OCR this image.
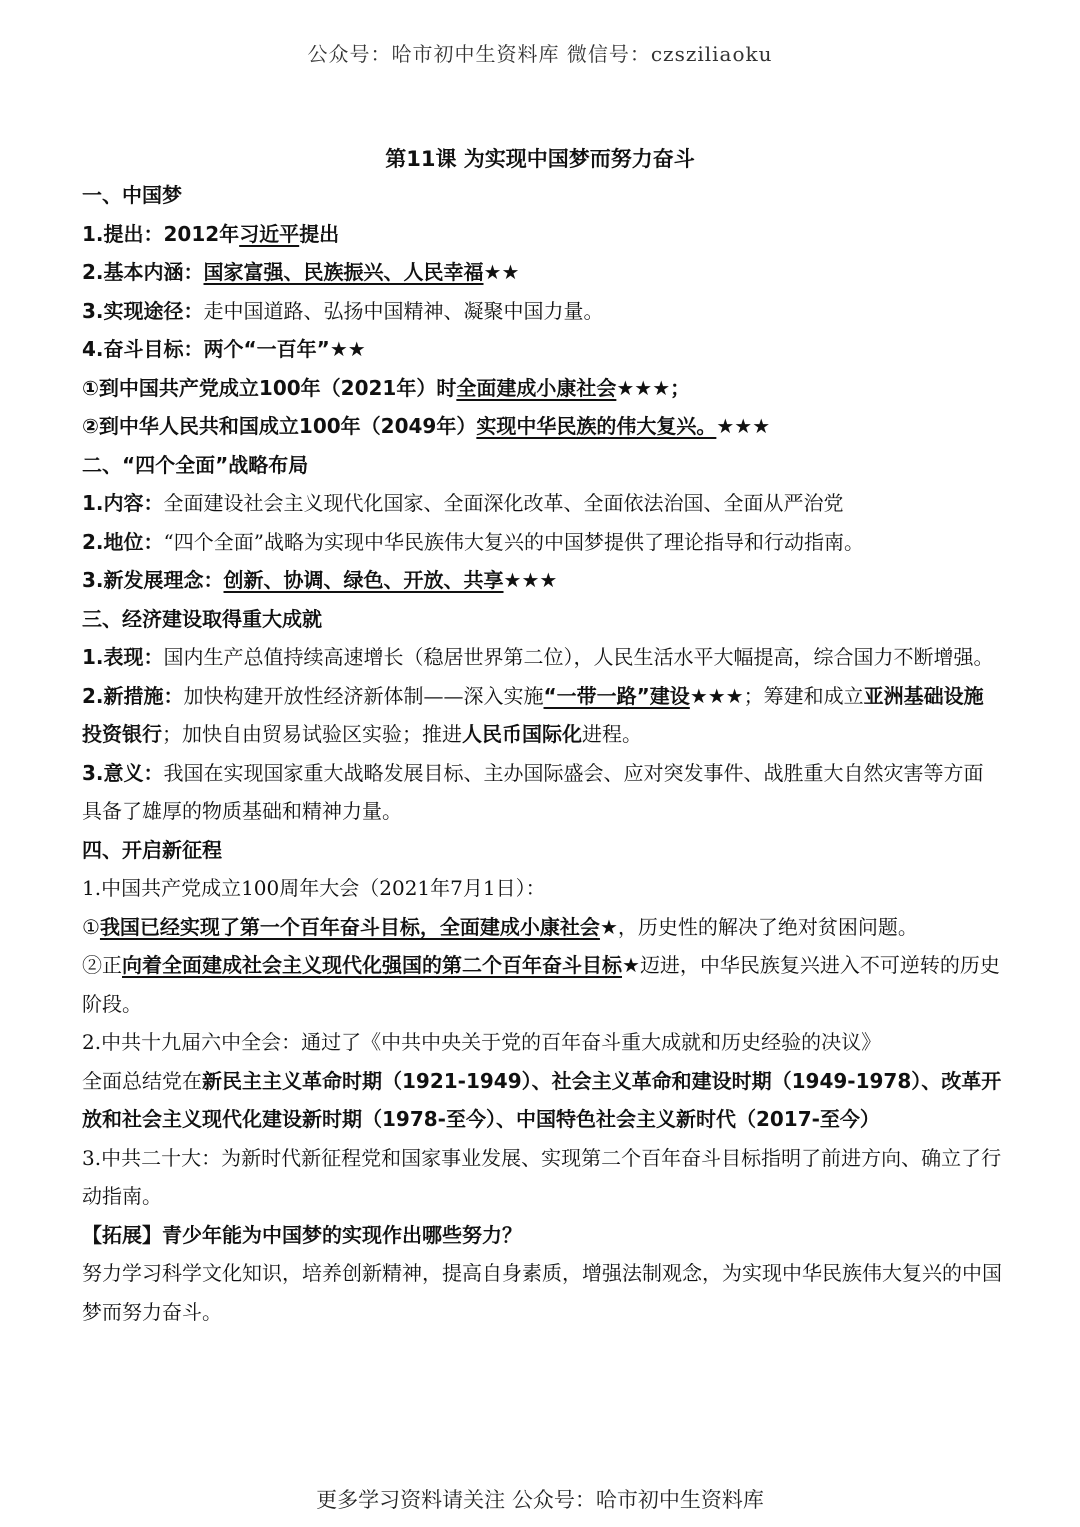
公众号：哈市初中生资料库 微信号：czsziliaoku
第11课 为实现中国梦而努力奋斗
一、中国梦
1.提出：2012年习近平提出
2.基本内涵：国家富强、民族振兴、人民幸福★★
3.实现途径：走中国道路、弘扬中国精神、凝聚中国力量。
4.奋斗目标：两个“一百年”★★
①到中国共产党成立100年（2021年）时全面建成小康社会★★★；
②到中华人民共和国成立100年（2049年）实现中华民族的伟大复兴。★★★
二、“四个全面”战略布局
1.内容：全面建设社会主义现代化国家、全面深化改革、全面依法治国、全面从严治党
2.地位：“四个全面”战略为实现中华民族伟大复兴的中国梦提供了理论指导和行动指南。
3.新发展理念：创新、协调、绿色、开放、共享★★★
三、经济建设取得重大成就
1.表现：国内生产总值持续高速增长（稳居世界第二位），人民生活水平大幅提高，综合国力不断增强。
2.新措施：加快构建开放性经济新体制——深入实施“一带一路”建设★★★；筹建和成立亚洲基础设施投资银行；加快自由贸易试验区实验；推进人民币国际化进程。
3.意义：我国在实现国家重大战略发展目标、主办国际盛会、应对突发事件、战胜重大自然灾害等方面具备了雄厚的物质基础和精神力量。
四、开启新征程
1.中国共产党成立100周年大会（2021年7月1日）：
①我国已经实现了第一个百年奋斗目标，全面建成小康社会★，历史性的解决了绝对贫困问题。
②正向着全面建成社会主义现代化强国的第二个百年奋斗目标★迈进，中华民族复兴进入不可逆转的历史阶段。
2.中共十九届六中全会：通过了《中共中央关于党的百年奋斗重大成就和历史经验的决议》
全面总结党在新民主主义革命时期（1921-1949）、社会主义革命和建设时期（1949-1978）、改革开放和社会主义现代化建设新时期（1978-至今）、中国特色社会主义新时代（2017-至今）
3.中共二十大：为新时代新征程党和国家事业发展、实现第二个百年奋斗目标指明了前进方向、确立了行动指南。
【拓展】青少年能为中国梦的实现作出哪些努力？
努力学习科学文化知识，培养创新精神，提高自身素质，增强法制观念，为实现中华民族伟大复兴的中国梦而努力奋斗。
更多学习资料请关注 公众号：哈市初中生资料库
